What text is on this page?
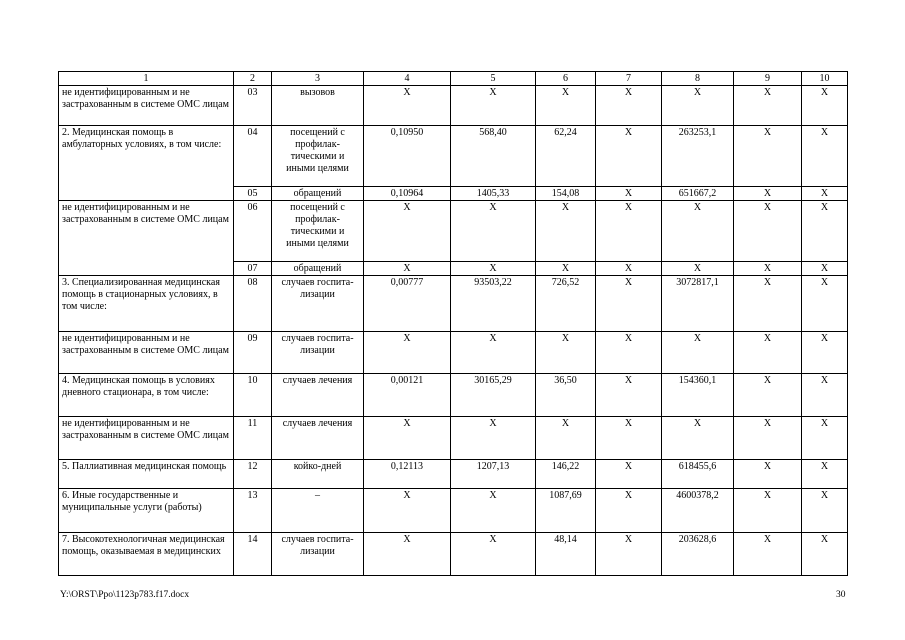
1	2	3	4	5	6	7	8	9	10
не идентифицированным и не застрахованным в системе ОМС лицам	03	вызовов	Х	Х	Х	Х	Х	Х	Х
2. Медицинская помощь в амбулаторных условиях, в том числе:	04	посещений с профилак-тическими и иными целями	0,10950	568,40	62,24	Х	263253,1	Х	Х
	05	обращений	0,10964	1405,33	154,08	Х	651667,2	Х	Х
не идентифицированным и не застрахованным в системе ОМС лицам	06	посещений с профилак-тическими и иными целями	Х	Х	Х	Х	Х	Х	Х
	07	обращений	Х	Х	Х	Х	Х	Х	Х
3. Специализированная медицинская помощь в стационарных условиях, в том числе:	08	случаев госпита-лизации	0,00777	93503,22	726,52	Х	3072817,1	Х	Х
не идентифицированным и не застрахованным в системе ОМС лицам	09	случаев госпита-лизации	Х	Х	Х	Х	Х	Х	Х
4. Медицинская помощь в условиях дневного стационара, в том числе:	10	случаев лечения	0,00121	30165,29	36,50	Х	154360,1	Х	Х
не идентифицированным и не застрахованным в системе ОМС лицам	11	случаев лечения	Х	Х	Х	Х	Х	Х	Х
5. Паллиативная медицинская помощь	12	койко-дней	0,12113	1207,13	146,22	Х	618455,6	Х	Х
6. Иные государственные и муниципальные услуги (работы)	13	–	Х	Х	1087,69	Х	4600378,2	Х	Х
7. Высокотехнологичная медицинская помощь, оказываемая в медицинских	14	случаев госпита-лизации	Х	Х	48,14	Х	203628,6	Х	Х
Y:\ORST\Ppo\1123p783.f17.docx	30
